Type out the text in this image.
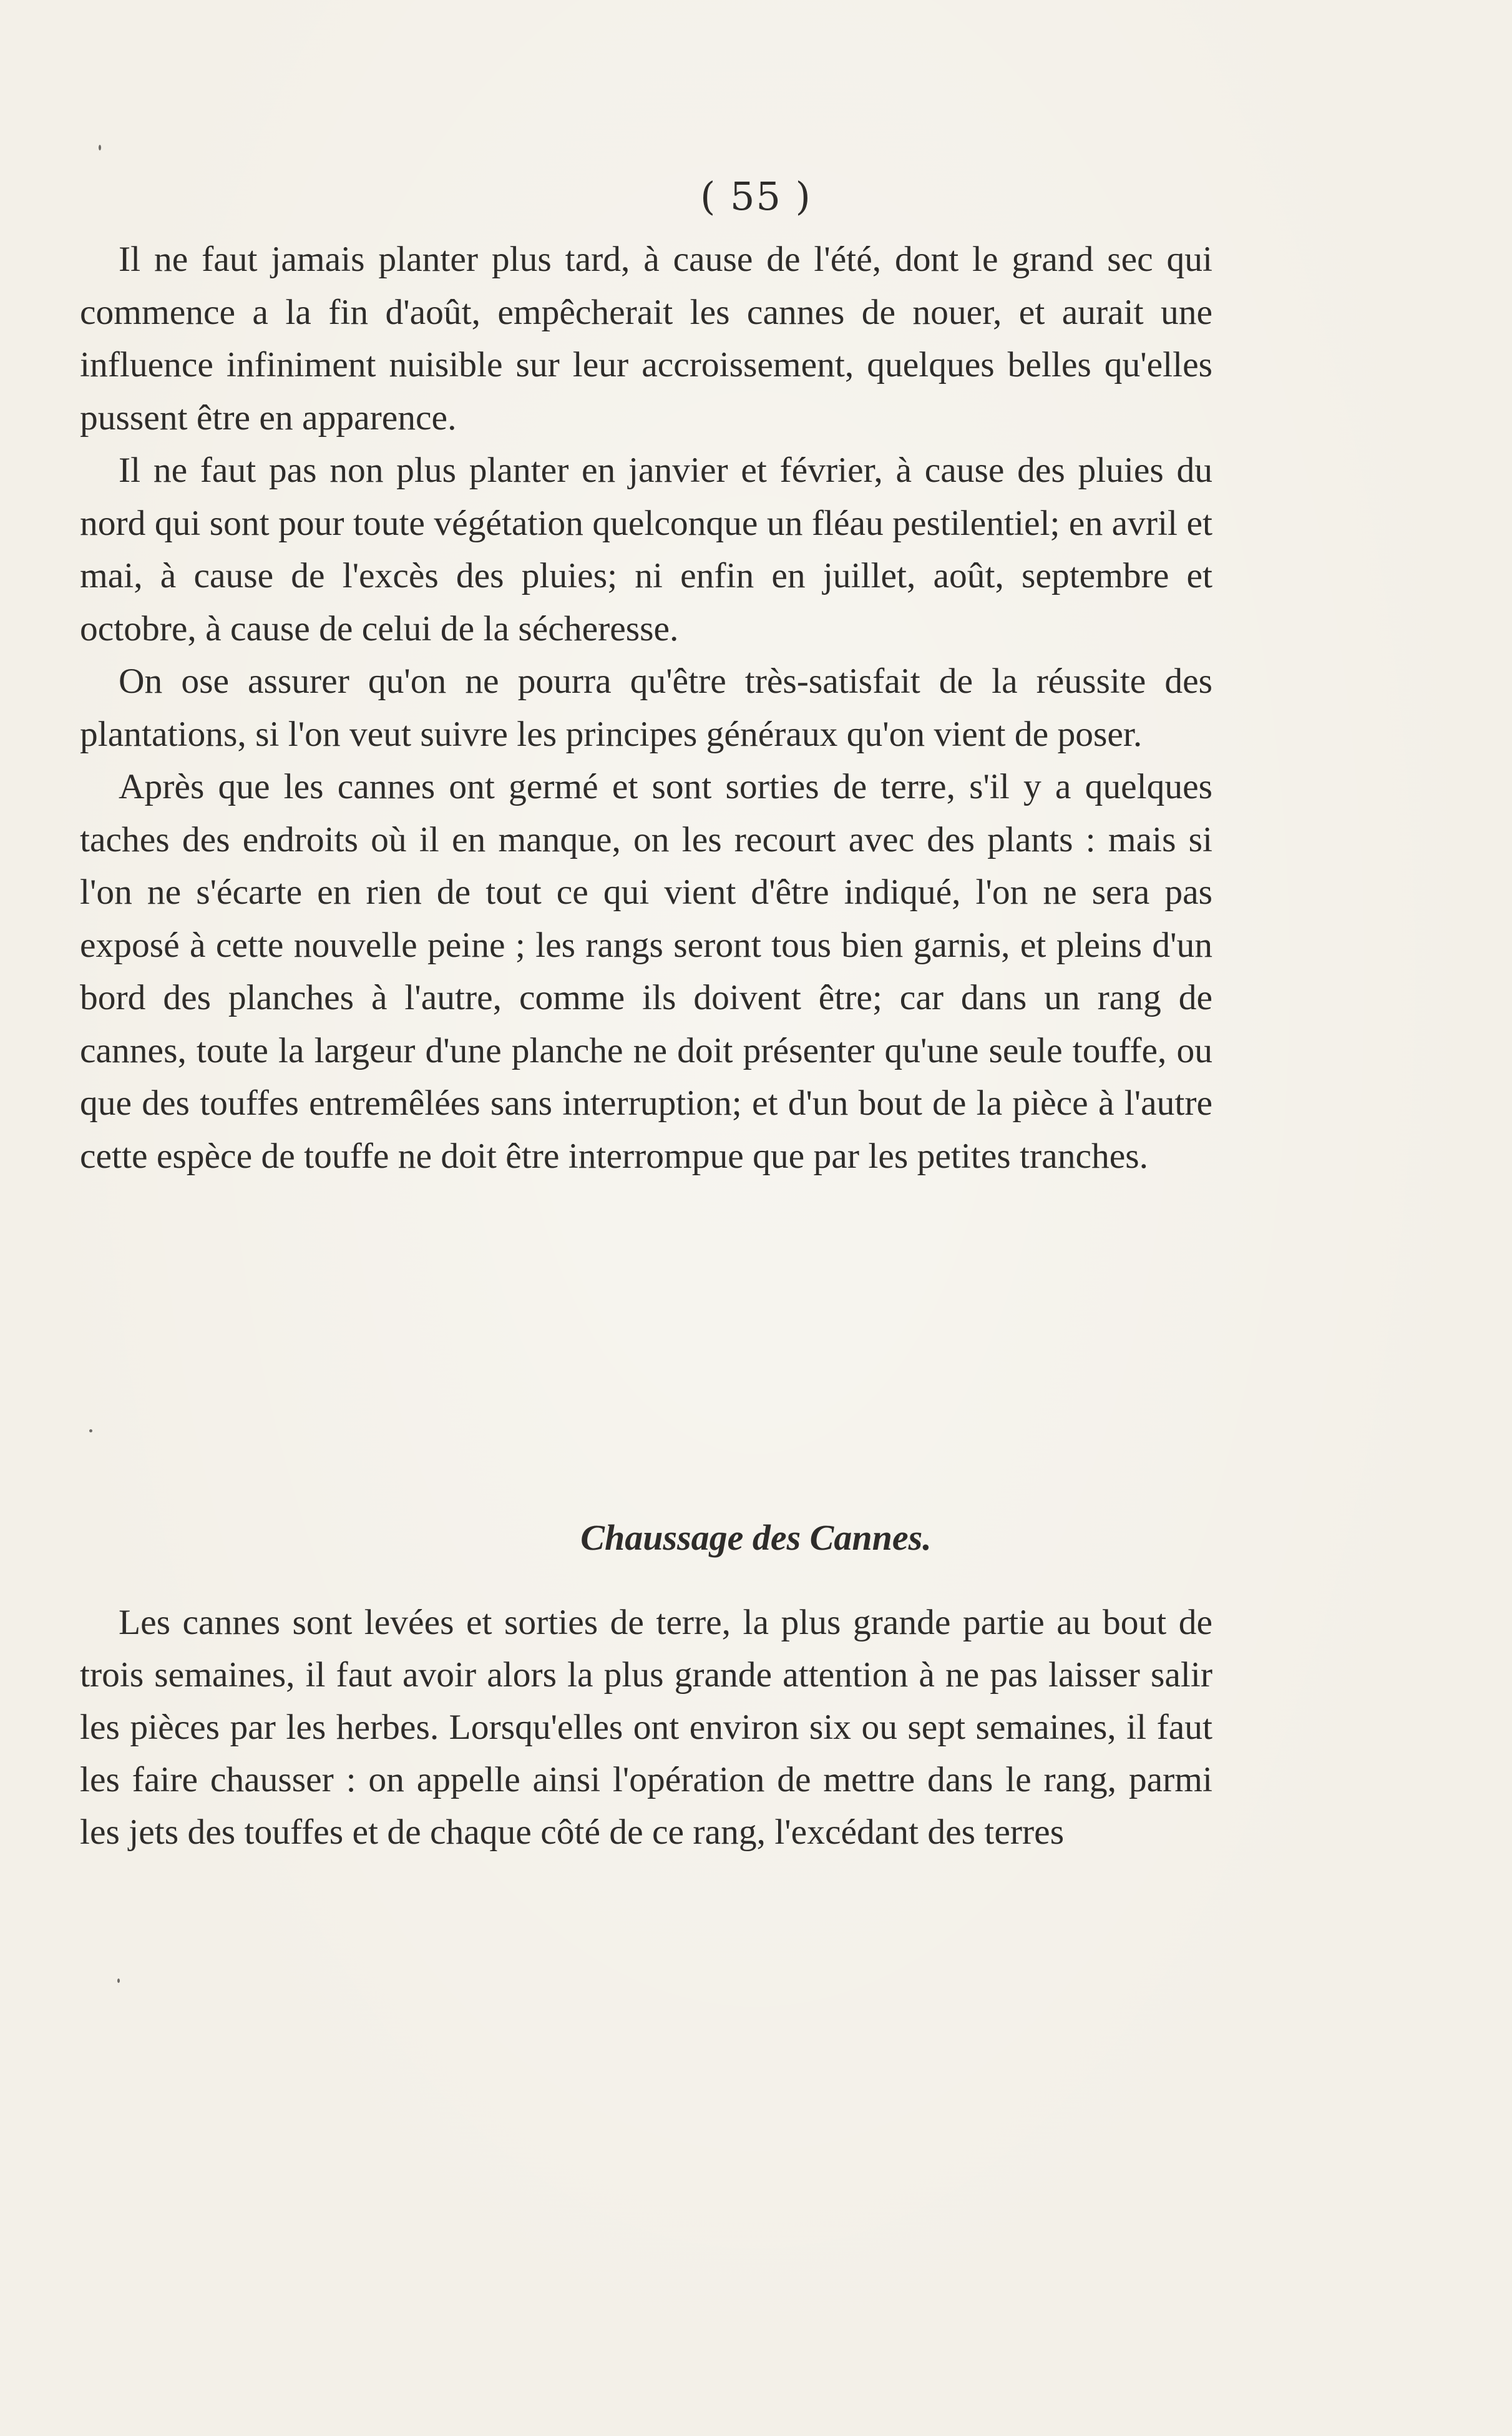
( 55 )

Il ne faut jamais planter plus tard, à cause de l'été, dont le grand sec qui commence a la fin d'août, empêcherait les cannes de nouer, et aurait une influence infiniment nuisible sur leur accroissement, quelques belles qu'elles pussent être en apparence.

Il ne faut pas non plus planter en janvier et février, à cause des pluies du nord qui sont pour toute végétation quelconque un fléau pestilentiel; en avril et mai, à cause de l'excès des pluies; ni enfin en juillet, août, septembre et octobre, à cause de celui de la sécheresse.

On ose assurer qu'on ne pourra qu'être très-satisfait de la réussite des plantations, si l'on veut suivre les principes généraux qu'on vient de poser.

Après que les cannes ont germé et sont sorties de terre, s'il y a quelques taches des endroits où il en manque, on les recourt avec des plants : mais si l'on ne s'écarte en rien de tout ce qui vient d'être indiqué, l'on ne sera pas exposé à cette nouvelle peine ; les rangs seront tous bien garnis, et pleins d'un bord des planches à l'autre, comme ils doivent être; car dans un rang de cannes, toute la largeur d'une planche ne doit présenter qu'une seule touffe, ou que des touffes entremêlées sans interruption; et d'un bout de la pièce à l'autre cette espèce de touffe ne doit être interrompue que par les petites tranches.

Chaussage des Cannes.

Les cannes sont levées et sorties de terre, la plus grande partie au bout de trois semaines, il faut avoir alors la plus grande attention à ne pas laisser salir les pièces par les herbes. Lorsqu'elles ont environ six ou sept semaines, il faut les faire chausser : on appelle ainsi l'opération de mettre dans le rang, parmi les jets des touffes et de chaque côté de ce rang, l'excédant des terres
